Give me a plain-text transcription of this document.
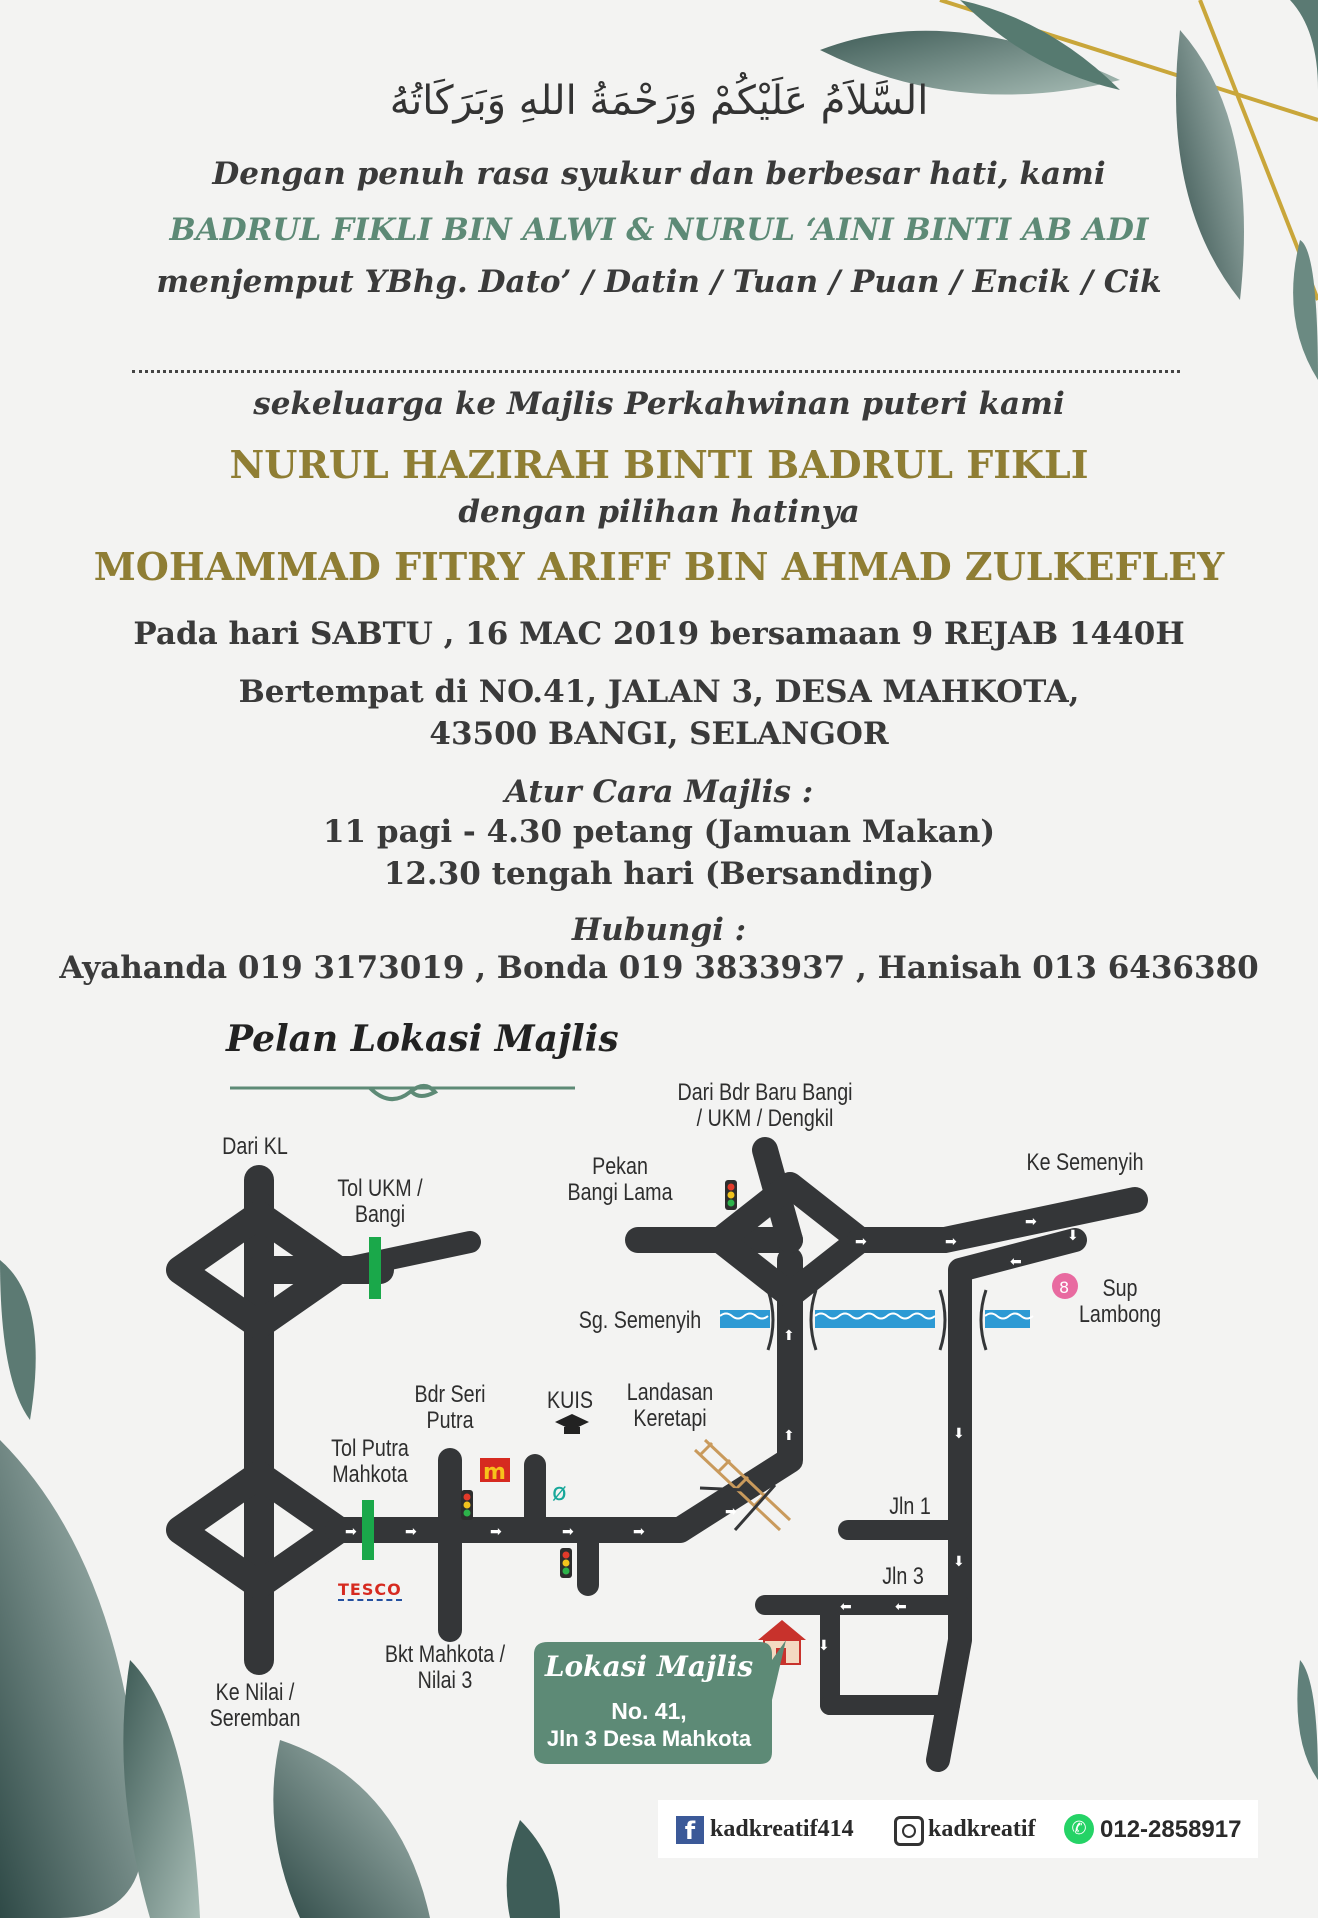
السَّلاَمُ عَلَيْكُمْ وَرَحْمَةُ اللهِ وَبَرَكَاتُهُ
Dengan penuh rasa syukur dan berbesar hati, kami
BADRUL FIKLI BIN ALWI & NURUL ‘AINI BINTI AB ADI
menjemput YBhg. Dato’ / Datin / Tuan / Puan / Encik / Cik
sekeluarga ke Majlis Perkahwinan puteri kami
NURUL HAZIRAH BINTI BADRUL FIKLI
dengan pilihan hatinya
MOHAMMAD FITRY ARIFF BIN AHMAD ZULKEFLEY
Pada hari SABTU , 16 MAC 2019 bersamaan 9 REJAB 1440H
Bertempat di NO.41, JALAN 3, DESA MAHKOTA,
43500 BANGI, SELANGOR
Atur Cara Majlis :
11 pagi - 4.30 petang (Jamuan Makan)
12.30 tengah hari (Bersanding)
Hubungi :
Ayahanda 019 3173019 , Bonda 019 3833937 , Hanisah 013 6436380
Pelan Lokasi Majlis
➡	➡	➡	➡	➡
➡
⬆
⬆
➡	➡
➡
⬇
⬅
⬇
⬇
⬅	⬅
⬇
m
ø
8
Dari KL
Tol UKM /
Bangi
Dari Bdr Baru Bangi
/ UKM / Dengkil
Pekan
Bangi Lama
Ke Semenyih
Sg. Semenyih
Sup
Lambong
Bdr Seri
Putra
KUIS Landasan
Keretapi
Tol Putra
Mahkota
TESCO
Jln 1
Jln 3
Bkt Mahkota /
Nilai 3
Ke Nilai /
Seremban
Lokasi Majlis
No. 41,
Jln 3 Desa Mahkota
f kadkreatif414	kadkreatif	✆ 012-2858917
